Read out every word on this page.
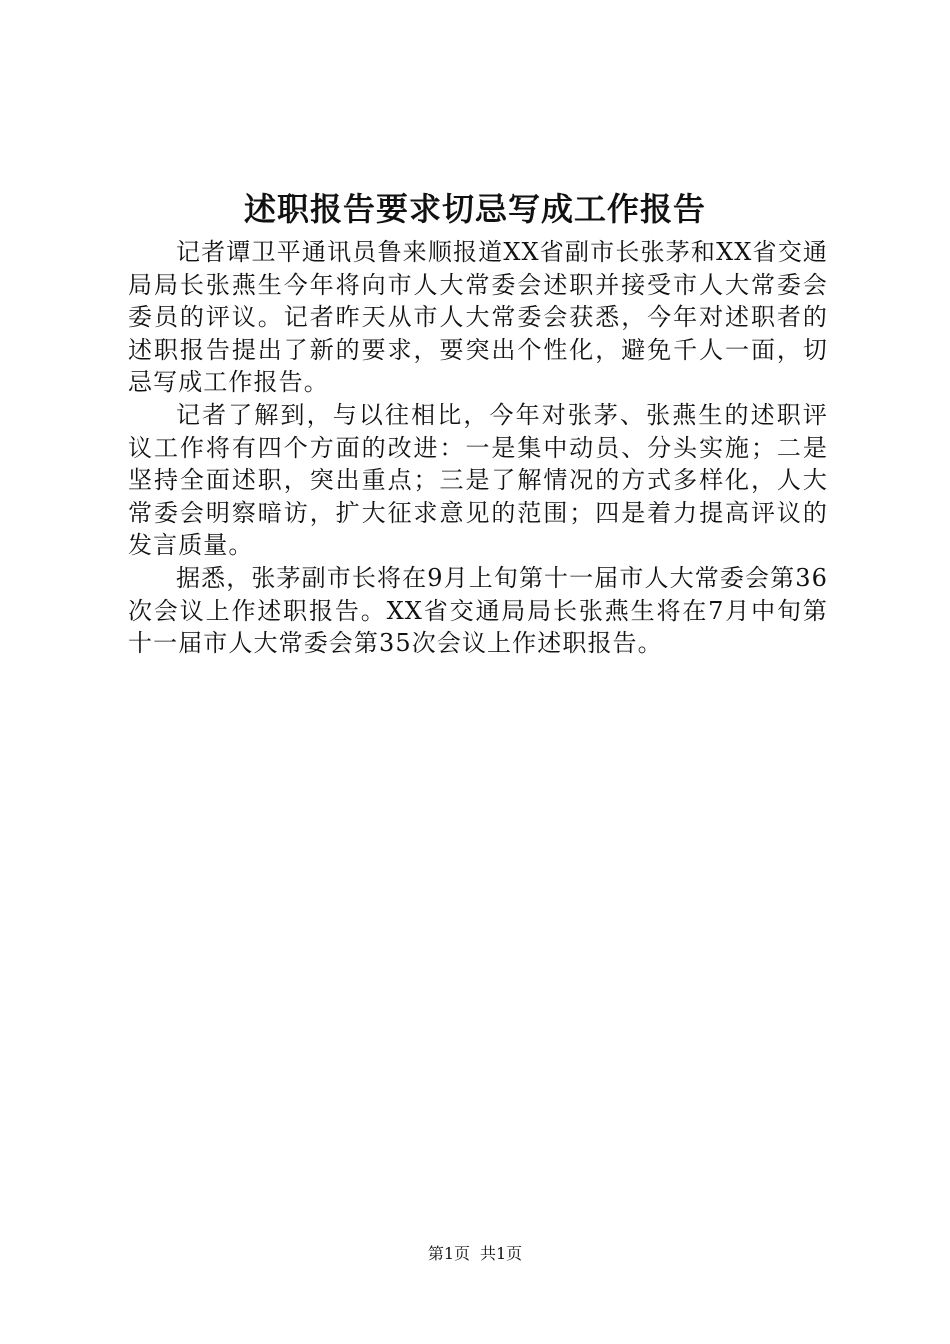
述职报告要求切忌写成工作报告

记者谭卫平通讯员鲁来顺报道XX省副市长张茅和XX省交通局局长张燕生今年将向市人大常委会述职并接受市人大常委会委员的评议。记者昨天从市人大常委会获悉，今年对述职者的述职报告提出了新的要求，要突出个性化，避免千人一面，切忌写成工作报告。

记者了解到，与以往相比，今年对张茅、张燕生的述职评议工作将有四个方面的改进：一是集中动员、分头实施；二是坚持全面述职，突出重点；三是了解情况的方式多样化，人大常委会明察暗访，扩大征求意见的范围；四是着力提高评议的发言质量。

据悉，张茅副市长将在9月上旬第十一届市人大常委会第36次会议上作述职报告。XX省交通局局长张燕生将在7月中旬第十一届市人大常委会第35次会议上作述职报告。

第1页 共1页
